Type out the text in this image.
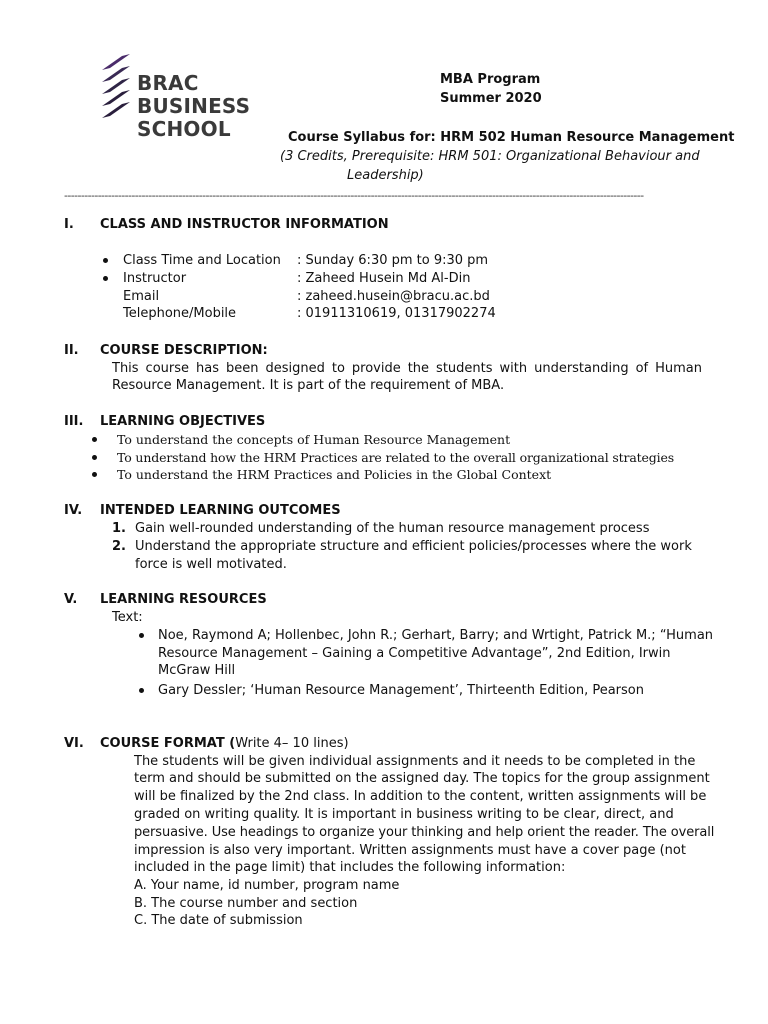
BRAC
BUSINESS
SCHOOL
MBA Program
Summer 2020
Course Syllabus for: HRM 502 Human Resource Management
(3 Credits, Prerequisite: HRM 501: Organizational Behaviour and
Leadership)
----------------------------------------------------------------------------------------------------------------------------------------------------------------------------
I. CLASS AND INSTRUCTOR INFORMATION
Class Time and Location : Sunday 6:30 pm to 9:30 pm
Instructor	: Zaheed Husein Md Al-Din
Email	: zaheed.husein@bracu.ac.bd
Telephone/Mobile	: 01911310619, 01317902274
II. COURSE DESCRIPTION:
This course has been designed to provide the students with understanding of Human
Resource Management. It is part of the requirement of MBA.
III. LEARNING OBJECTIVES
To understand the concepts of Human Resource Management
To understand how the HRM Practices are related to the overall organizational strategies
To understand the HRM Practices and Policies in the Global Context
IV. INTENDED LEARNING OUTCOMES
1. Gain well-rounded understanding of the human resource management process
2. Understand the appropriate structure and efficient policies/processes where the work
force is well motivated.
V. LEARNING RESOURCES
Text:
Noe, Raymond A; Hollenbec, John R.; Gerhart, Barry; and Wrtight, Patrick M.; “Human
Resource Management – Gaining a Competitive Advantage”, 2nd Edition, Irwin
McGraw Hill
Gary Dessler; ‘Human Resource Management’, Thirteenth Edition, Pearson
VI. COURSE FORMAT (Write 4– 10 lines)
The students will be given individual assignments and it needs to be completed in the
term and should be submitted on the assigned day. The topics for the group assignment
will be finalized by the 2nd class. In addition to the content, written assignments will be
graded on writing quality. It is important in business writing to be clear, direct, and
persuasive. Use headings to organize your thinking and help orient the reader. The overall
impression is also very important. Written assignments must have a cover page (not
included in the page limit) that includes the following information:
A. Your name, id number, program name
B. The course number and section
C. The date of submission
